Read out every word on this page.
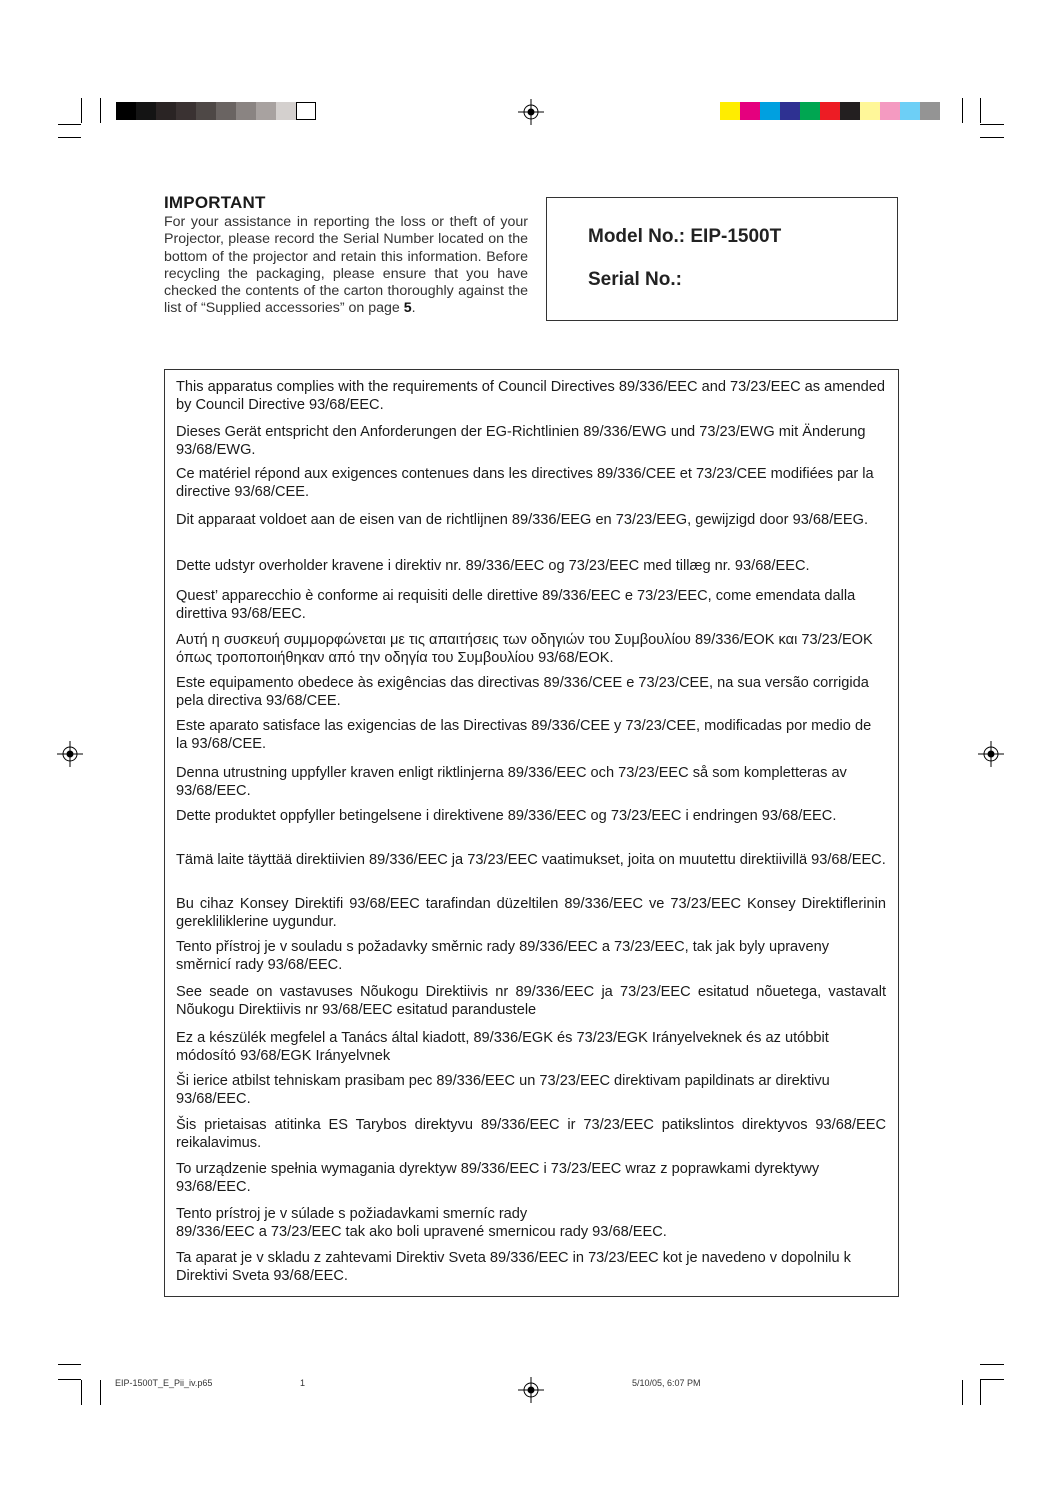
IMPORTANT
For your assistance in reporting the loss or theft of your Projector, please record the Serial Number located on the bottom of the projector and retain this information. Before recycling the packaging, please ensure that you have checked the contents of the carton thoroughly against the list of “Supplied accessories” on page 5.
Model No.: EIP-1500T
Serial No.:

This apparatus complies with the requirements of Council Directives 89/336/EEC and 73/23/EEC as amended by Council Directive 93/68/EEC.

Dieses Gerät entspricht den Anforderungen der EG-Richtlinien 89/336/EWG und 73/23/EWG mit Änderung 93/68/EWG.

Ce matériel répond aux exigences contenues dans les directives 89/336/CEE et 73/23/CEE modifiées par la directive 93/68/CEE.

Dit apparaat voldoet aan de eisen van de richtlijnen 89/336/EEG en 73/23/EEG, gewijzigd door 93/68/EEG.

Dette udstyr overholder kravene i direktiv nr. 89/336/EEC og 73/23/EEC med tillæg nr. 93/68/EEC.

Quest’ apparecchio è conforme ai requisiti delle direttive 89/336/EEC e 73/23/EEC, come emendata dalla direttiva 93/68/EEC.

Αυτή η συσκευή συμμορφώνεται με τις απαιτήσεις των οδηγιών του Συμβουλίου 89/336/ΕΟΚ και 73/23/ΕΟΚ όπως τροποποιήθηκαν από την οδηγία του Συμβουλίου 93/68/ΕΟΚ.

Este equipamento obedece às exigências das directivas 89/336/CEE e 73/23/CEE, na sua versão corrigida pela directiva 93/68/CEE.

Este aparato satisface las exigencias de las Directivas 89/336/CEE y 73/23/CEE, modificadas por medio de la 93/68/CEE.

Denna utrustning uppfyller kraven enligt riktlinjerna 89/336/EEC och 73/23/EEC så som kompletteras av 93/68/EEC.

Dette produktet oppfyller betingelsene i direktivene 89/336/EEC og 73/23/EEC i endringen 93/68/EEC.

Tämä laite täyttää direktiivien 89/336/EEC ja 73/23/EEC vaatimukset, joita on muutettu direktiivillä 93/68/EEC.

Bu cihaz Konsey Direktifi 93/68/EEC tarafindan düzeltilen 89/336/EEC ve 73/23/EEC Konsey Direktiflerinin gerekliliklerine uygundur.

Tento přístroj je v souladu s požadavky směrnic rady 89/336/EEC a 73/23/EEC, tak jak byly upraveny směrnicí rady 93/68/EEC.

See seade on vastavuses Nõukogu Direktiivis nr 89/336/EEC ja 73/23/EEC esitatud nõuetega, vastavalt Nõukogu Direktiivis nr 93/68/EEC esitatud parandustele

Ez a készülék megfelel a Tanács által kiadott, 89/336/EGK és 73/23/EGK Irányelveknek és az utóbbit módosító 93/68/EGK Irányelvnek

Ši ierice atbilst tehniskam prasibam pec 89/336/EEC un 73/23/EEC direktivam papildinats ar direktivu 93/68/EEC.

Šis prietaisas atitinka ES Tarybos direktyvu 89/336/EEC ir 73/23/EEC patikslintos direktyvos 93/68/EEC reikalavimus.

To urządzenie spełnia wymagania dyrektyw 89/336/EEC i 73/23/EEC wraz z poprawkami dyrektywy 93/68/EEC.

Tento prístroj je v súlade s požiadavkami smerníc rady
89/336/EEC a 73/23/EEC tak ako boli upravené smernicou rady 93/68/EEC.

Ta aparat je v skladu z zahtevami Direktiv Sveta 89/336/EEC in 73/23/EEC kot je navedeno v dopolnilu k Direktivi Sveta 93/68/EEC.

EIP-1500T_E_Pii_iv.p65	1	5/10/05, 6:07 PM
